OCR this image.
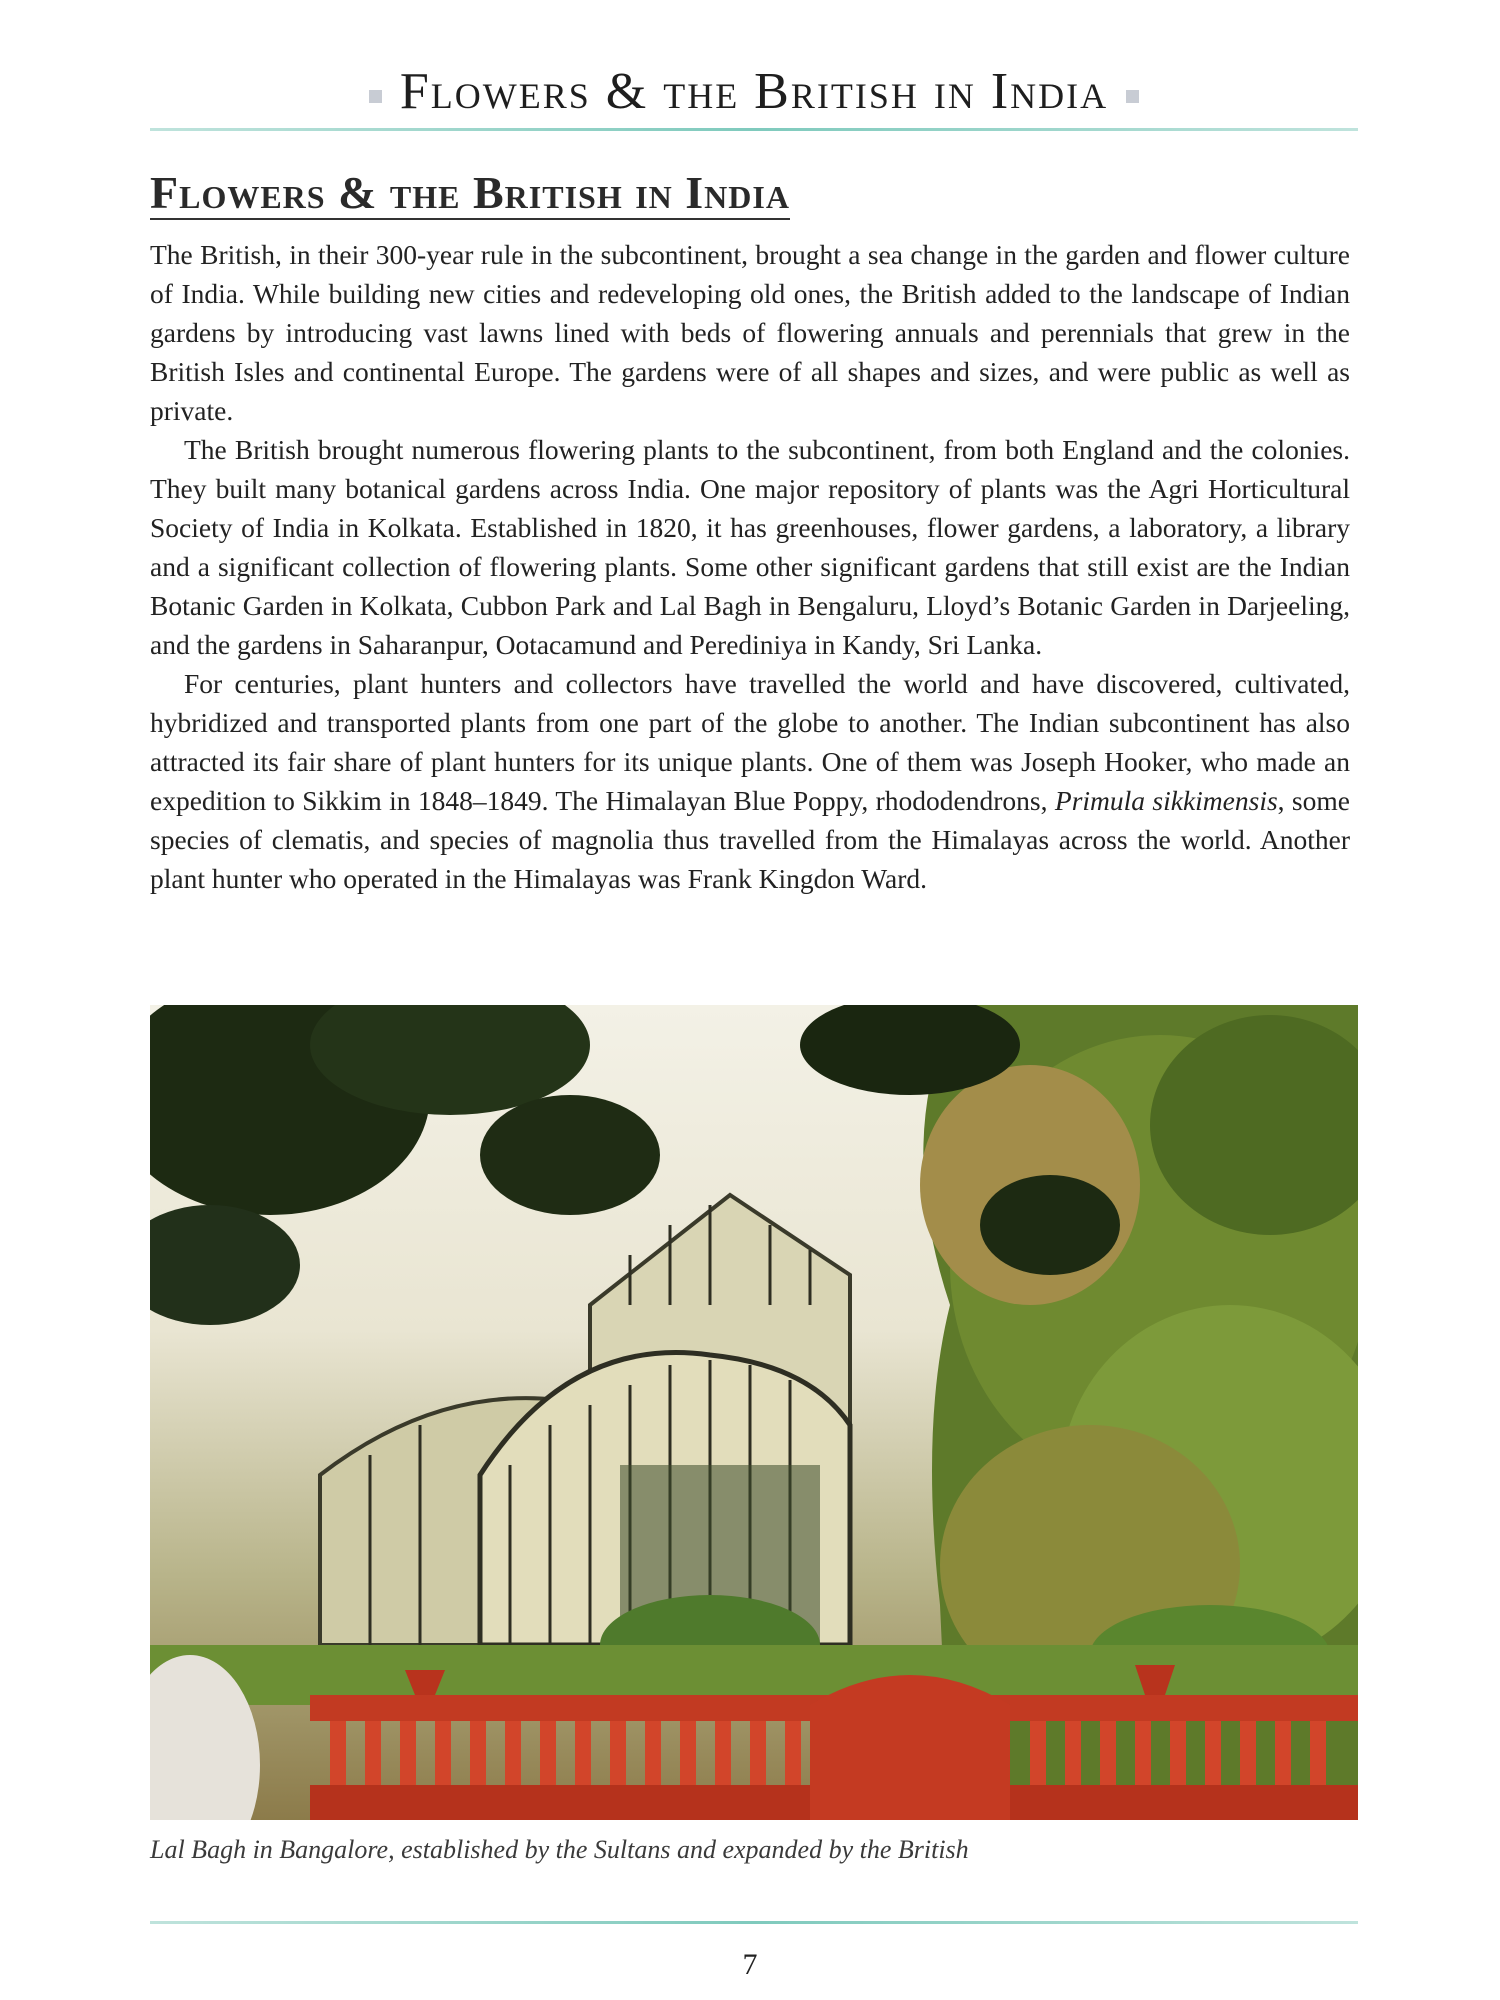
Flowers & the British in India
Flowers & the British in India

The British, in their 300-year rule in the subcontinent, brought a sea change in the garden and flower culture of India. While building new cities and redeveloping old ones, the British added to the landscape of Indian gardens by introducing vast lawns lined with beds of flowering annuals and perennials that grew in the British Isles and continental Europe. The gardens were of all shapes and sizes, and were public as well as private.

The British brought numerous flowering plants to the subcontinent, from both England and the colonies. They built many botanical gardens across India. One major repository of plants was the Agri Horticultural Society of India in Kolkata. Established in 1820, it has greenhouses, flower gardens, a laboratory, a library and a significant collection of flowering plants. Some other significant gardens that still exist are the Indian Botanic Garden in Kolkata, Cubbon Park and Lal Bagh in Bengaluru, Lloyd’s Botanic Garden in Darjeeling, and the gardens in Saharanpur, Ootacamund and Perediniya in Kandy, Sri Lanka.

For centuries, plant hunters and collectors have travelled the world and have discovered, cultivated, hybridized and transported plants from one part of the globe to another. The Indian subcontinent has also attracted its fair share of plant hunters for its unique plants. One of them was Joseph Hooker, who made an expedition to Sikkim in 1848–1849. The Himalayan Blue Poppy, rhododendrons, Primula sikkimensis, some species of clematis, and species of magnolia thus travelled from the Himalayas across the world. Another plant hunter who operated in the Himalayas was Frank Kingdon Ward.

Lal Bagh in Bangalore, established by the Sultans and expanded by the British
7
